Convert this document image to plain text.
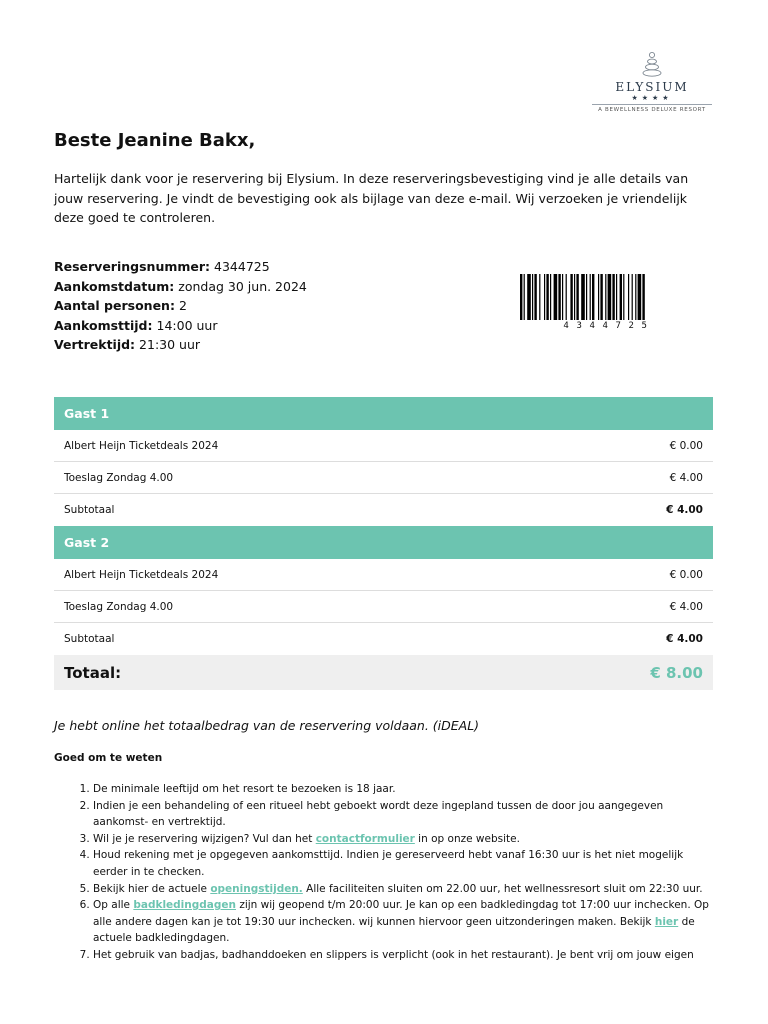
ELYSIUM
★★★★
A BEWELLNESS DELUXE RESORT
Beste Jeanine Bakx,

Hartelijk dank voor je reservering bij Elysium. In deze reserveringsbevestiging vind je alle details van jouw reservering. Je vindt de bevestiging ook als bijlage van deze e-mail. Wij verzoeken je vriendelijk deze goed te controleren.

Reserveringsnummer: 4344725
Aankomstdatum: zondag 30 jun. 2024
Aantal personen: 2
Aankomsttijd: 14:00 uur
Vertrektijd: 21:30 uur
4344725
Gast 1
Albert Heijn Ticketdeals 2024	€ 0.00
Toeslag Zondag 4.00	€ 4.00
Subtotaal	€ 4.00
Gast 2
Albert Heijn Ticketdeals 2024	€ 0.00
Toeslag Zondag 4.00	€ 4.00
Subtotaal	€ 4.00
Totaal:	€ 8.00

Je hebt online het totaalbedrag van de reservering voldaan. (iDEAL)

Goed om te weten

1. De minimale leeftijd om het resort te bezoeken is 18 jaar.
2. Indien je een behandeling of een ritueel hebt geboekt wordt deze ingepland tussen de door jou aangegeven aankomst- en vertrektijd.
3. Wil je je reservering wijzigen? Vul dan het contactformulier in op onze website.
4. Houd rekening met je opgegeven aankomsttijd. Indien je gereserveerd hebt vanaf 16:30 uur is het niet mogelijk eerder in te checken.
5. Bekijk hier de actuele openingstijden. Alle faciliteiten sluiten om 22.00 uur, het wellnessresort sluit om 22:30 uur.
6. Op alle badkledingdagen zijn wij geopend t/m 20:00 uur. Je kan op een badkledingdag tot 17:00 uur inchecken. Op alle andere dagen kan je tot 19:30 uur inchecken. wij kunnen hiervoor geen uitzonderingen maken. Bekijk hier de actuele badkledingdagen.
7. Het gebruik van badjas, badhanddoeken en slippers is verplicht (ook in het restaurant). Je bent vrij om jouw eigen
